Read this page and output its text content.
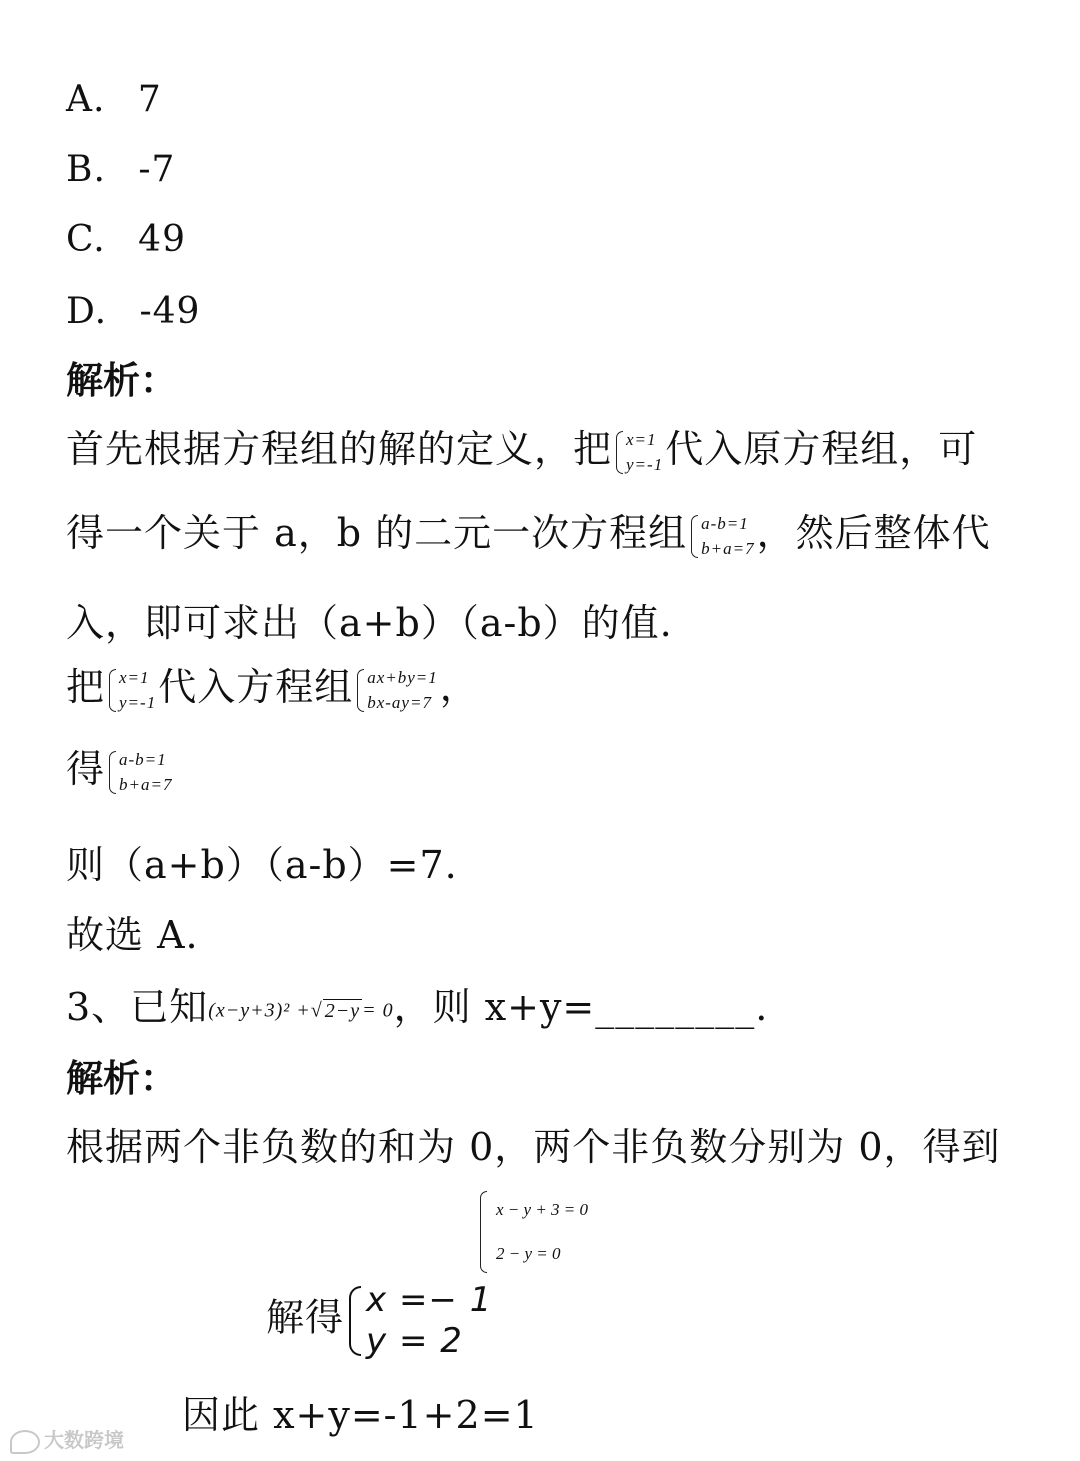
A. 7
B. -7
C. 49
D. -49
解析：
首先根据方程组的解的定义，把 x=1
y=-1 代入原方程组，可
得一个关于 a，b 的二元一次方程组 a-b=1
b+a=7 ，然后整体代
入，即可求出（a+b）（a-b）的值.
把 x=1
y=-1 代入方程组 ax+by=1
bx-ay=7 ，
得 a-b=1
b+a=7
则（a+b）（a-b）=7.
故选 A.
3、已知(x−y+3)² +√ 2−y = 0，则 x+y=________.
解析：
根据两个非负数的和为 0，两个非负数分别为 0，得到
x − y + 3 = 0
2 − y = 0
解得 x =− 1
y = 2
因此 x+y=-1+2=1
大数跨境
